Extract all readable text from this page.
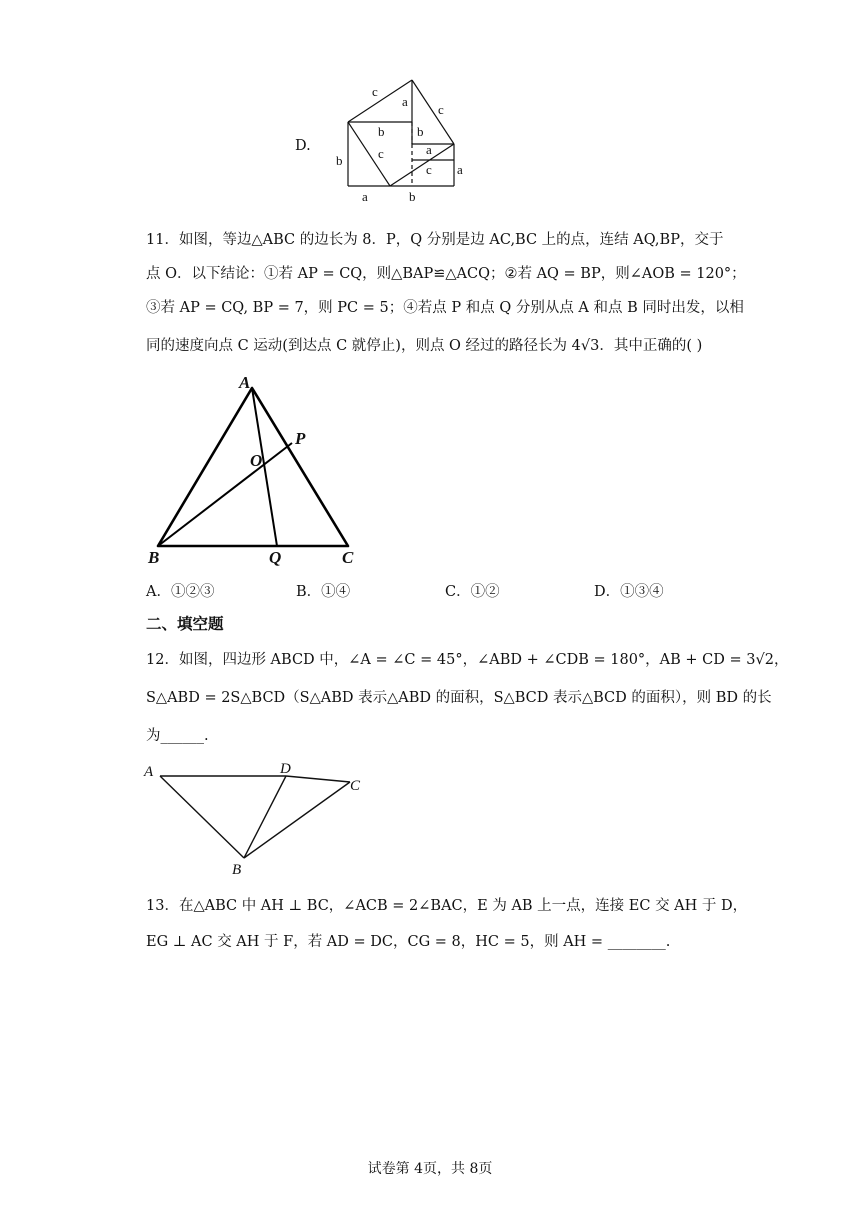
D.
c
a
c
b	b
c	a
b
c a
a	b
11．如图，等边△ABC 的边长为 8．P，Q 分别是边 AC,BC 上的点，连结 AQ,BP，交于
点 O．以下结论：①若 AP = CQ，则△BAP≌△ACQ；②若 AQ = BP，则∠AOB = 120°；
③若 AP = CQ, BP = 7，则 PC = 5；④若点 P 和点 Q 分别从点 A 和点 B 同时出发，以相
同的速度向点 C 运动(到达点 C 就停止)，则点 O 经过的路径长为 4√3．其中正确的( )
A
P
O
B	Q	C
A．①②③	B．①④	C．①②	D．①③④
二、填空题
12．如图，四边形 ABCD 中，∠A = ∠C = 45°，∠ABD + ∠CDB = 180°，AB + CD = 3√2，
S△ABD = 2S△BCD（S△ABD 表示△ABD 的面积，S△BCD 表示△BCD 的面积），则 BD 的长
为______.
A	D
C
B
13．在△ABC 中 AH ⊥ BC，∠ACB = 2∠BAC，E 为 AB 上一点，连接 EC 交 AH 于 D，
EG ⊥ AC 交 AH 于 F，若 AD = DC，CG = 8，HC = 5，则 AH = ________.
试卷第 4页，共 8页
